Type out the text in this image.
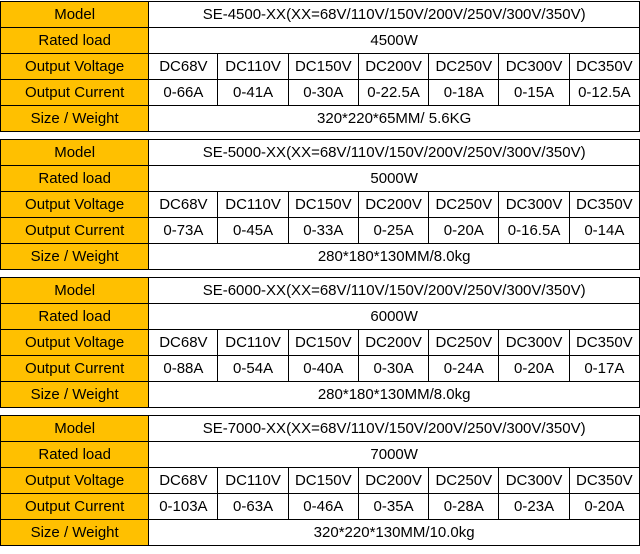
Model	SE-4500-XX(XX=68V/110V/150V/200V/250V/300V/350V)						
Rated load	4500W						
Output Voltage	DC68V	DC110V	DC150V	DC200V	DC250V	DC300V	DC350V
Output Current	0-66A	0-41A	0-30A	0-22.5A	0-18A	0-15A	0-12.5A
Size / Weight	320*220*65MM/ 5.6KG						
Model	SE-5000-XX(XX=68V/110V/150V/200V/250V/300V/350V)						
Rated load	5000W						
Output Voltage	DC68V	DC110V	DC150V	DC200V	DC250V	DC300V	DC350V
Output Current	0-73A	0-45A	0-33A	0-25A	0-20A	0-16.5A	0-14A
Size / Weight	280*180*130MM/8.0kg						
Model	SE-6000-XX(XX=68V/110V/150V/200V/250V/300V/350V)						
Rated load	6000W						
Output Voltage	DC68V	DC110V	DC150V	DC200V	DC250V	DC300V	DC350V
Output Current	0-88A	0-54A	0-40A	0-30A	0-24A	0-20A	0-17A
Size / Weight	280*180*130MM/8.0kg						
Model	SE-7000-XX(XX=68V/110V/150V/200V/250V/300V/350V)						
Rated load	7000W						
Output Voltage	DC68V	DC110V	DC150V	DC200V	DC250V	DC300V	DC350V
Output Current	0-103A	0-63A	0-46A	0-35A	0-28A	0-23A	0-20A
Size / Weight	320*220*130MM/10.0kg						
